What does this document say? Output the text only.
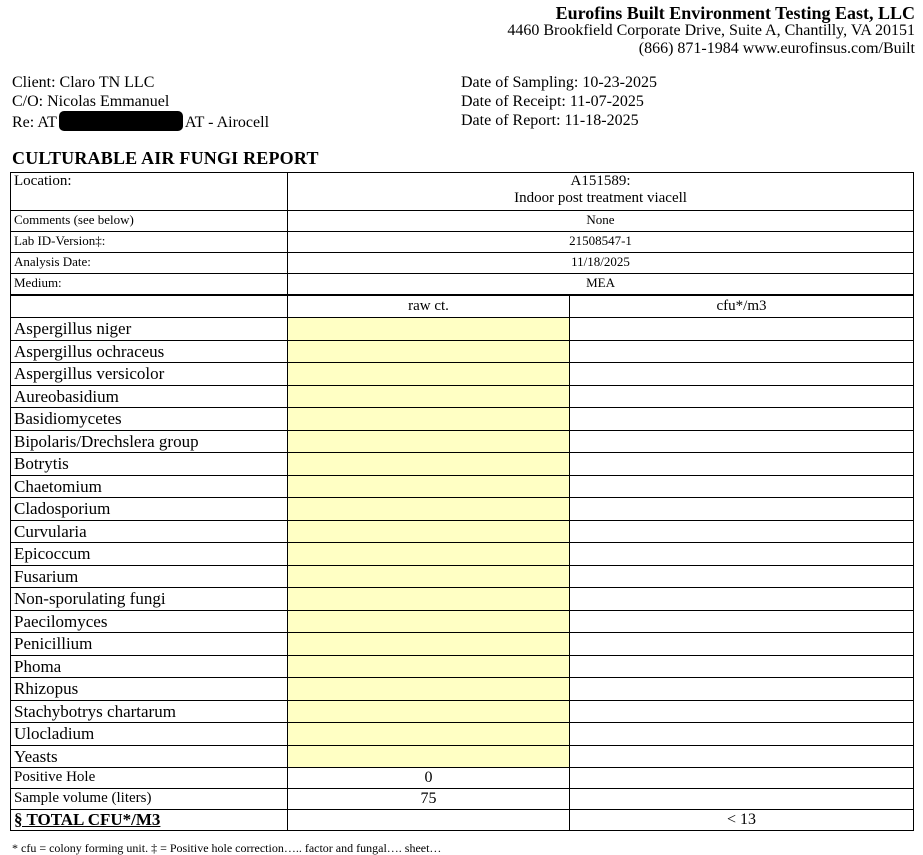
Eurofins Built Environment Testing East, LLC
4460 Brookfield Corporate Drive, Suite A, Chantilly, VA 20151
(866) 871-1984 www.eurofinsus.com/Built
Client: Claro TN LLC
C/O: Nicolas Emmanuel
Re: AT	AT - Airocell
Date of Sampling: 10-23-2025
Date of Receipt: 11-07-2025
Date of Report: 11-18-2025
CULTURABLE AIR FUNGI REPORT
Location:	A151589:
Indoor post treatment viacell	

Comments (see below)	None	
Lab ID-Version‡:	21508547-1	
Analysis Date:	11/18/2025	
Medium:	MEA	
	raw ct.	cfu*/m3
Aspergillus niger		
Aspergillus ochraceus		
Aspergillus versicolor		
Aureobasidium		
Basidiomycetes		
Bipolaris/Drechslera group		
Botrytis		
Chaetomium		
Cladosporium		
Curvularia		
Epicoccum		
Fusarium		
Non-sporulating fungi		
Paecilomyces		
Penicillium		
Phoma		
Rhizopus		
Stachybotrys chartarum		
Ulocladium		
Yeasts		
Positive Hole	0	
Sample volume (liters)	75	
§ TOTAL CFU*/M3		< 13
* cfu = colony forming unit. ‡ = Positive hole correction….. factor and fungal…. sheet…
